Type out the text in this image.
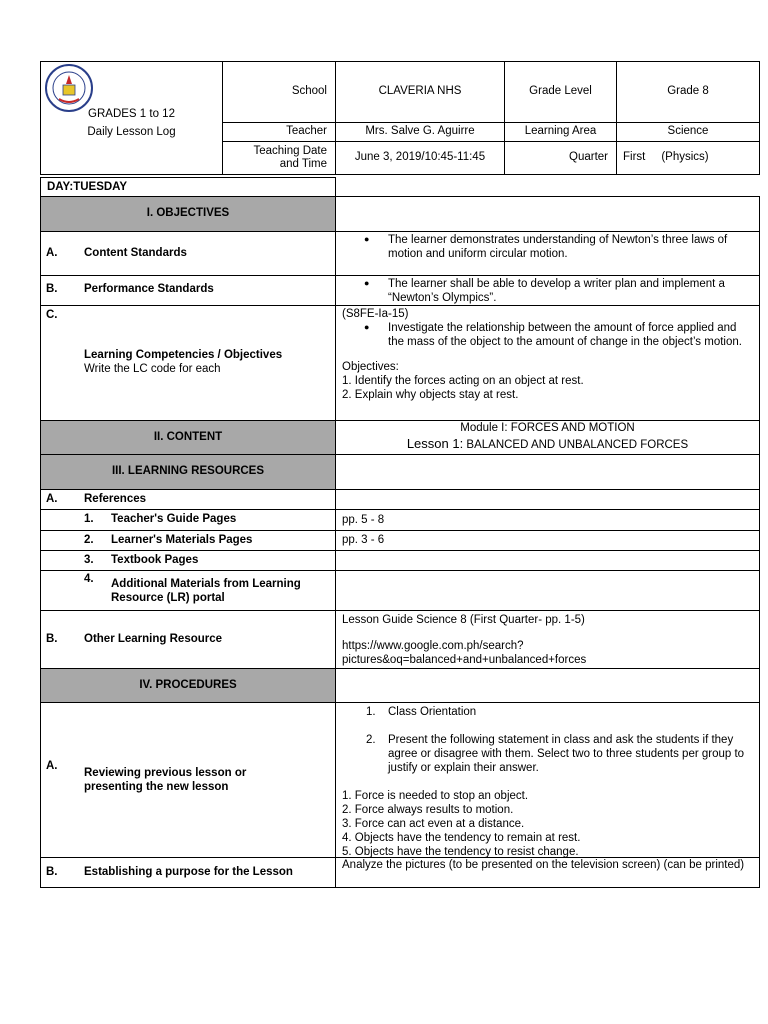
GRADES 1 to 12
Daily Lesson Log
School	CLAVERIA NHS	Grade Level	Grade 8
Teacher	Mrs. Salve G. Aguirre	Learning Area	Science
Teaching Date
and Time
June 3, 2019/10:45-11:45	Quarter First     (Physics)
DAY:TUESDAY
I. OBJECTIVES
A. Content Standards
● The learner demonstrates understanding of Newton’s three laws of motion and uniform circular motion.
B. Performance Standards
●	The learner shall be able to develop a writer plan and implement a “Newton’s Olympics”.
C.
Learning Competencies / Objectives
Write the LC code for each
(S8FE-Ia-15)
● Investigate the relationship between the amount of force applied and the mass of the object to the amount of change in the object’s motion.
Objectives:
1. Identify the forces acting on an object at rest.
2. Explain why objects stay at rest.
II. CONTENT
Module I: FORCES AND MOTION
Lesson 1: BALANCED AND UNBALANCED FORCES
III. LEARNING RESOURCES
A. References
1. Teacher's Guide Pages	pp. 5 - 8
2. Learner's Materials Pages	pp. 3 - 6
3. Textbook Pages
4. Additional Materials from Learning Resource (LR) portal
B. Other Learning Resource
Lesson Guide Science 8 (First Quarter- pp. 1-5)
https://www.google.com.ph/search?
pictures&oq=balanced+and+unbalanced+forces
IV. PROCEDURES
A.
Reviewing previous lesson or presenting the new lesson
1.	Class Orientation
2.	Present the following statement in class and ask the students if they agree or disagree with them. Select two to three students per group to justify or explain their answer.
1. Force is needed to stop an object.
2. Force always results to motion.
3. Force can act even at a distance.
4. Objects have the tendency to remain at rest.
5. Objects have the tendency to resist change.
B. Establishing a purpose for the Lesson
Analyze the pictures (to be presented on the television screen) (can be printed)
